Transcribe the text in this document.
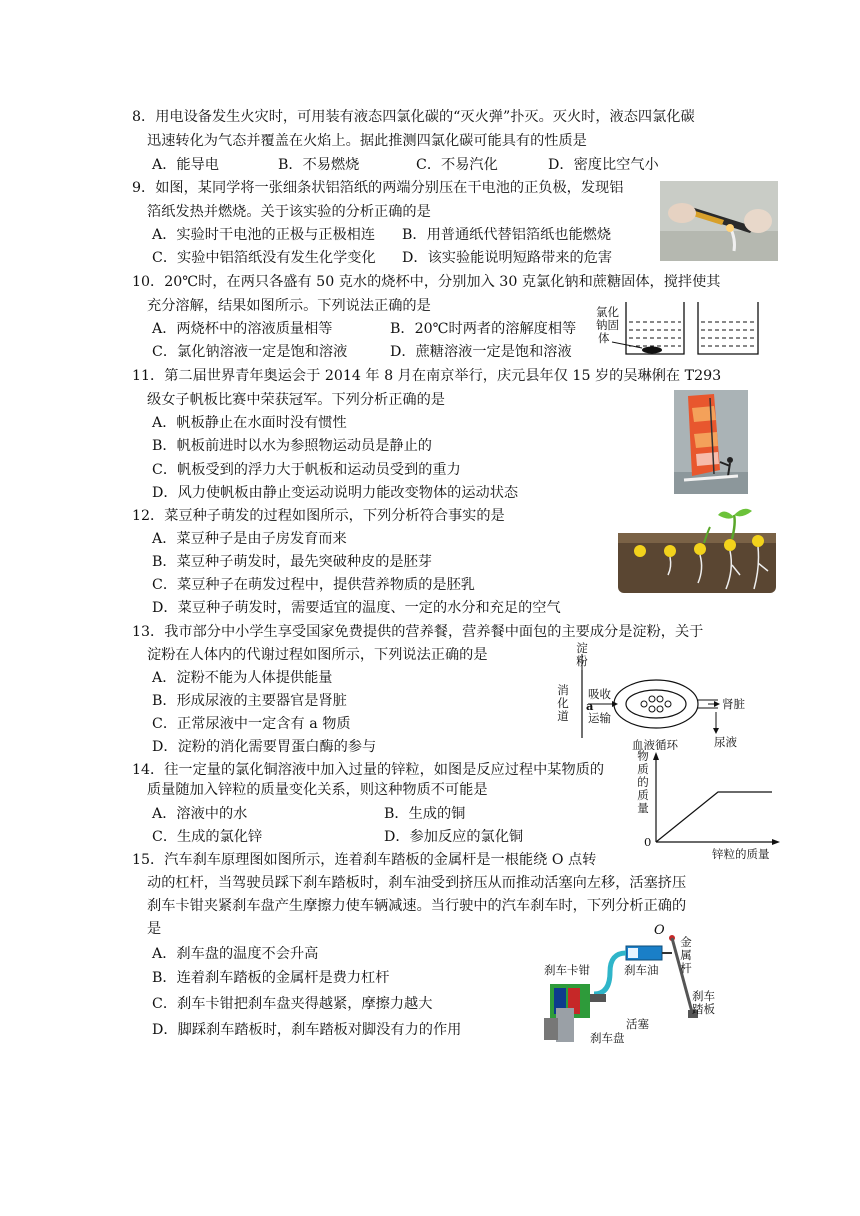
8．用电设备发生火灾时，可用装有液态四氯化碳的“灭火弹”扑灭。灭火时，液态四氯化碳
迅速转化为气态并覆盖在火焰上。据此推测四氯化碳可能具有的性质是
A．能导电	B．不易燃烧	C．不易汽化	D．密度比空气小
9．如图，某同学将一张细条状铝箔纸的两端分别压在干电池的正负极，发现铝
箔纸发热并燃烧。关于该实验的分析正确的是
A．实验时干电池的正极与正极相连 B．用普通纸代替铝箔纸也能燃烧
C．实验中铝箔纸没有发生化学变化 D．该实验能说明短路带来的危害
10．20℃时，在两只各盛有 50 克水的烧杯中，分别加入 30 克氯化钠和蔗糖固体，搅拌使其
充分溶解，结果如图所示。下列说法正确的是
A．两烧杯中的溶液质量相等	B．20℃时两者的溶解度相等
C．氯化钠溶液一定是饱和溶液	D．蔗糖溶液一定是饱和溶液
氯化
钠固
体
11．第二届世界青年奥运会于 2014 年 8 月在南京举行，庆元县年仅 15 岁的吴琳俐在 T293
级女子帆板比赛中荣获冠军。下列分析正确的是
A．帆板静止在水面时没有惯性
B．帆板前进时以水为参照物运动员是静止的
C．帆板受到的浮力大于帆板和运动员受到的重力
D．风力使帆板由静止变运动说明力能改变物体的运动状态
12．菜豆种子萌发的过程如图所示，下列分析符合事实的是
A．菜豆种子是由子房发育而来
B．菜豆种子萌发时，最先突破种皮的是胚芽
C．菜豆种子在萌发过程中，提供营养物质的是胚乳
D．菜豆种子萌发时，需要适宜的温度、一定的水分和充足的空气
13．我市部分中小学生享受国家免费提供的营养餐，营养餐中面包的主要成分是淀粉，关于
淀粉在人体内的代谢过程如图所示，下列说法正确的是
A．淀粉不能为人体提供能量
B．形成尿液的主要器官是肾脏
C．正常尿液中一定含有 a 物质
D．淀粉的消化需要胃蛋白酶的参与
淀
粉
消
化
道
a
吸收
运输
肾脏
血液循环	尿液
14．往一定量的氯化铜溶液中加入过量的锌粒，如图是反应过程中某物质的
质量随加入锌粒的质量变化关系，则这种物质不可能是
A．溶液中的水	B．生成的铜
C．生成的氯化锌	D．参加反应的氯化铜
物
质
的
质
量
0
锌粒的质量
15．汽车刹车原理图如图所示，连着刹车踏板的金属杆是一根能绕 O 点转
动的杠杆，当驾驶员踩下刹车踏板时，刹车油受到挤压从而推动活塞向左移，活塞挤压
刹车卡钳夹紧刹车盘产生摩擦力使车辆减速。当行驶中的汽车刹车时，下列分析正确的
是
A．刹车盘的温度不会升高
B．连着刹车踏板的金属杆是费力杠杆
C．刹车卡钳把刹车盘夹得越紧，摩擦力越大
D．脚踩刹车踏板时，刹车踏板对脚没有力的作用
O
刹车卡钳	刹车油
金
属
杆
刹车
踏板
活塞
刹车盘
